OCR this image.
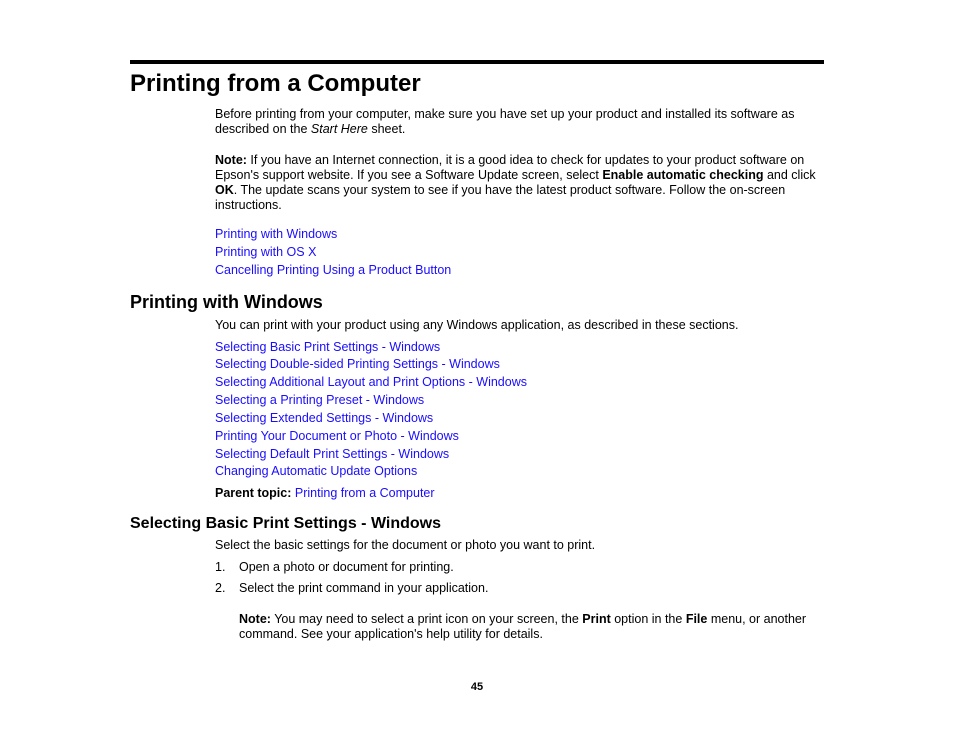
Printing from a Computer

Before printing from your computer, make sure you have set up your product and installed its software as described on the Start Here sheet.

Note: If you have an Internet connection, it is a good idea to check for updates to your product software on Epson's support website. If you see a Software Update screen, select Enable automatic checking and click OK. The update scans your system to see if you have the latest product software. Follow the on-screen instructions.

Printing with Windows
Printing with OS X
Cancelling Printing Using a Product Button
Printing with Windows

You can print with your product using any Windows application, as described in these sections.

Selecting Basic Print Settings - Windows
Selecting Double-sided Printing Settings - Windows
Selecting Additional Layout and Print Options - Windows
Selecting a Printing Preset - Windows
Selecting Extended Settings - Windows
Printing Your Document or Photo - Windows
Selecting Default Print Settings - Windows
Changing Automatic Update Options
Parent topic: Printing from a Computer
Selecting Basic Print Settings - Windows

Select the basic settings for the document or photo you want to print.

1. Open a photo or document for printing.
2. Select the print command in your application.

Note: You may need to select a print icon on your screen, the Print option in the File menu, or another command. See your application's help utility for details.

45
